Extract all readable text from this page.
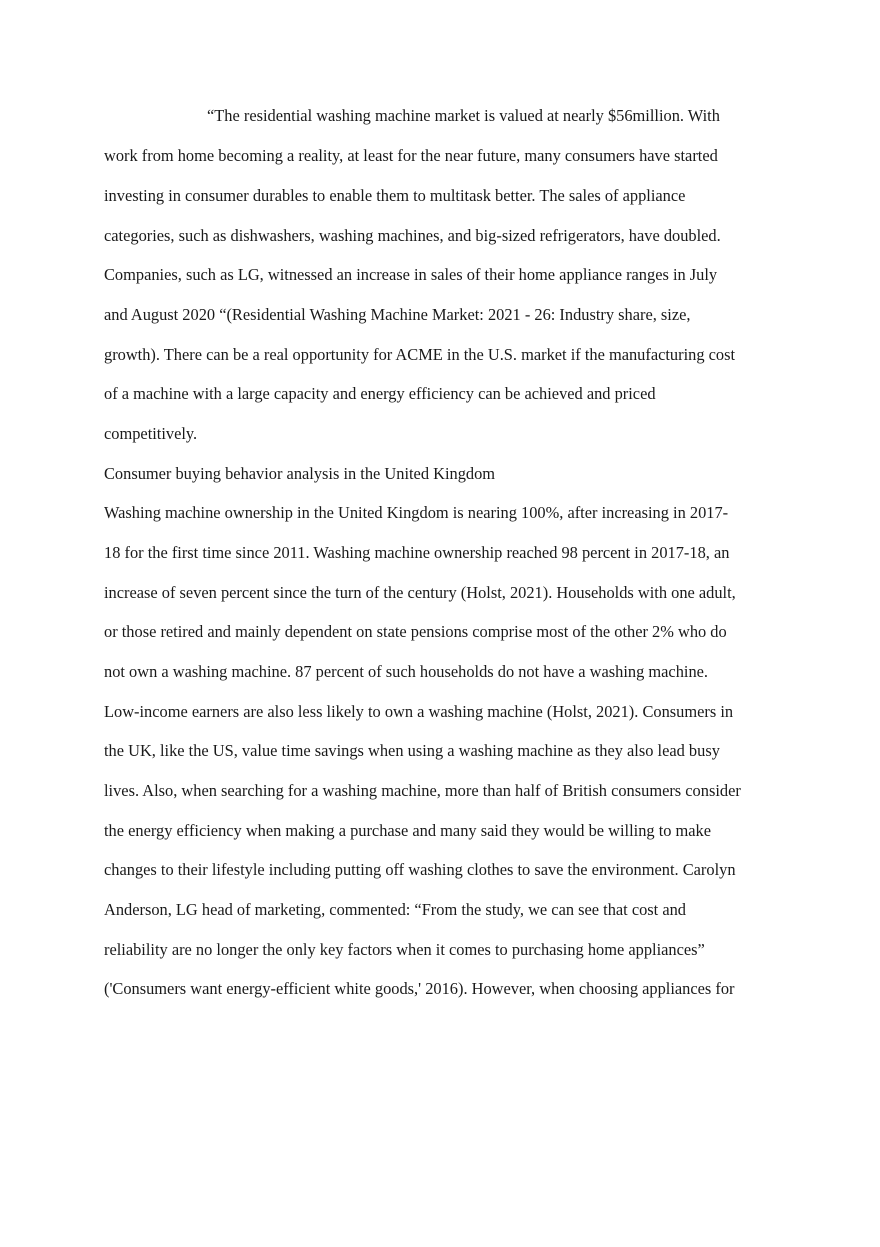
“The residential washing machine market is valued at nearly $56million. With

work from home becoming a reality, at least for the near future, many consumers have started

investing in consumer durables to enable them to multitask better. The sales of appliance

categories, such as dishwashers, washing machines, and big-sized refrigerators, have doubled.

Companies, such as LG, witnessed an increase in sales of their home appliance ranges in July

and August 2020 “(Residential Washing Machine Market: 2021 - 26: Industry share, size,

growth). There can be a real opportunity for ACME in the U.S. market if the manufacturing cost

of a machine with a large capacity and energy efficiency can be achieved and priced

competitively.

Consumer buying behavior analysis in the United Kingdom

Washing machine ownership in the United Kingdom is nearing 100%, after increasing in 2017-

18 for the first time since 2011. Washing machine ownership reached 98 percent in 2017-18, an

increase of seven percent since the turn of the century (Holst, 2021). Households with one adult,

or those retired and mainly dependent on state pensions comprise most of the other 2% who do

not own a washing machine. 87 percent of such households do not have a washing machine.

Low-income earners are also less likely to own a washing machine (Holst, 2021). Consumers in

the UK, like the US, value time savings when using a washing machine as they also lead busy

lives. Also, when searching for a washing machine, more than half of British consumers consider

the energy efficiency when making a purchase and many said they would be willing to make

changes to their lifestyle including putting off washing clothes to save the environment. Carolyn

Anderson, LG head of marketing, commented: “From the study, we can see that cost and

reliability are no longer the only key factors when it comes to purchasing home appliances”

('Consumers want energy-efficient white goods,' 2016). However, when choosing appliances for
